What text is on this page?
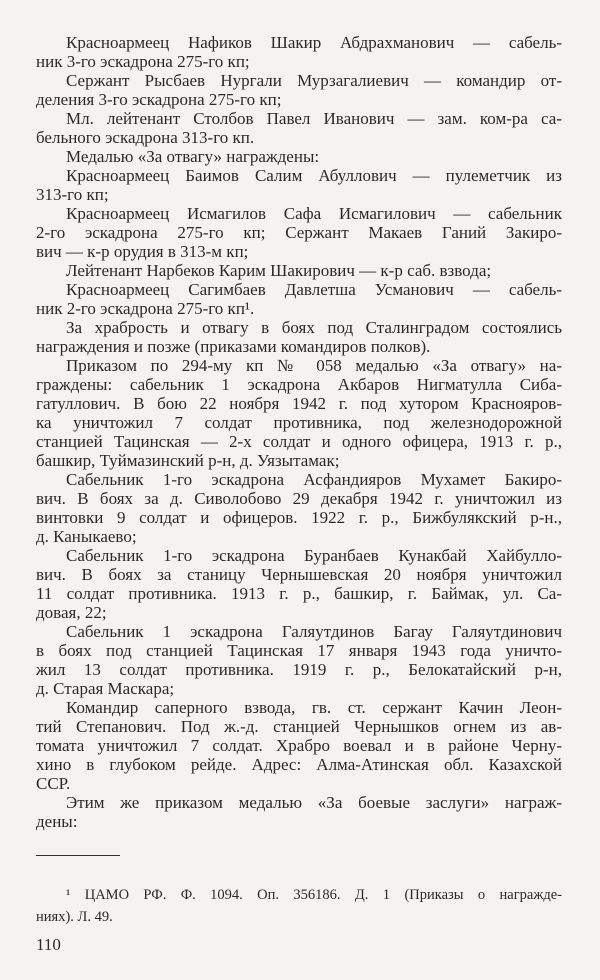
Красноармеец Нафиков Шакир Абдрахманович — сабель-
ник 3-го эскадрона 275-го кп;
Сержант Рысбаев Нургали Мурзагалиевич — командир от-
деления 3-го эскадрона 275-го кп;
Мл. лейтенант Столбов Павел Иванович — зам. ком-ра са-
бельного эскадрона 313-го кп.
Медалью «За отвагу» награждены:
Красноармеец Баимов Салим Абуллович — пулеметчик из
313-го кп;
Красноармеец Исмагилов Сафа Исмагилович — сабельник
2-го эскадрона 275-го кп; Сержант Макаев Ганий Закиро-
вич — к-р орудия в 313-м кп;
Лейтенант Нарбеков Карим Шакирович — к-р саб. взвода;
Красноармеец Сагимбаев Давлетша Усманович — сабель-
ник 2-го эскадрона 275-го кп¹.
За храбрость и отвагу в боях под Сталинградом состоялись
награждения и позже (приказами командиров полков).
Приказом по 294-му кп № 058 медалью «За отвагу» на-
граждены: сабельник 1 эскадрона Акбаров Нигматулла Сиба-
гатуллович. В бою 22 ноября 1942 г. под хутором Краснояров-
ка уничтожил 7 солдат противника, под железнодорожной
станцией Тацинская — 2-х солдат и одного офицера, 1913 г. р.,
башкир, Туймазинский р-н, д. Уязытамак;
Сабельник 1-го эскадрона Асфандияров Мухамет Бакиро-
вич. В боях за д. Сиволобово 29 декабря 1942 г. уничтожил из
винтовки 9 солдат и офицеров. 1922 г. р., Бижбулякский р-н.,
д. Каныкаево;
Сабельник 1-го эскадрона Буранбаев Кунакбай Хайбулло-
вич. В боях за станицу Чернышевская 20 ноября уничтожил
11 солдат противника. 1913 г. р., башкир, г. Баймак, ул. Са-
довая, 22;
Сабельник 1 эскадрона Галяутдинов Багау Галяутдинович
в боях под станцией Тацинская 17 января 1943 года уничто-
жил 13 солдат противника. 1919 г. р., Белокатайский р-н,
д. Старая Маскара;
Командир саперного взвода, гв. ст. сержант Качин Леон-
тий Степанович. Под ж.-д. станцией Чернышков огнем из ав-
томата уничтожил 7 солдат. Храбро воевал и в районе Черну-
хино в глубоком рейде. Адрес: Алма-Атинская обл. Казахской
ССР.
Этим же приказом медалью «За боевые заслуги» награж-
дены:
¹ ЦАМО РФ. Ф. 1094. Оп. 356186. Д. 1 (Приказы о награжде-
ниях). Л. 49.
110
